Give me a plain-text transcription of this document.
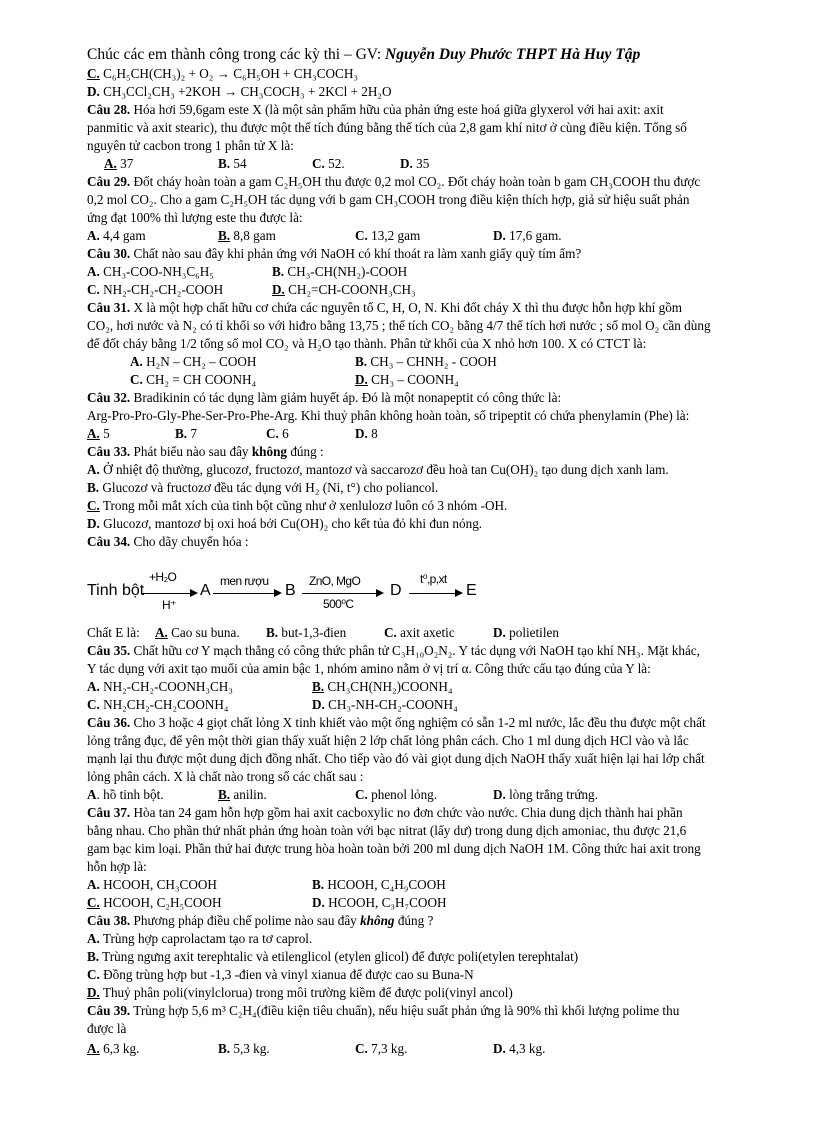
Chúc các em thành công trong các kỳ thi – GV: Nguyễn Duy Phước THPT Hà Huy Tập
C. C₆H₅CH(CH₃)₂ + O₂ → C₆H₅OH + CH₃COCH₃
D. CH₃CCl₂CH₃ +2KOH → CH₃COCH₃ + 2KCl + 2H₂O
Câu 28. Hóa hơi 59,6gam este X (là một sản phẩm hữu của phản ứng este hoá giữa glyxerol với hai axit: axit
panmitic và axit stearic), thu được một thể tích đúng bằng thể tích của 2,8 gam khí nitơ ở cùng điều kiện. Tổng số
nguyên tử cacbon trong 1 phân tử X là:
A. 37	B. 54	C. 52.	D. 35
Câu 29. Đốt cháy hoàn toàn a gam C₂H₅OH thu được 0,2 mol CO₂. Đốt cháy hoàn toàn b gam CH₃COOH thu được
0,2 mol CO₂. Cho a gam C₂H₅OH tác dụng với b gam CH₃COOH trong điều kiện thích hợp, giả sử hiệu suất phản
ứng đạt 100% thì lượng este thu được là:
A. 4,4 gam	B. 8,8 gam	C. 13,2 gam	D. 17,6 gam.
Câu 30. Chất nào sau đây khi phản ứng với NaOH có khí thoát ra làm xanh giấy quỳ tím ẩm?
A. CH₃-COO-NH₃C₆H₅	B. CH₃-CH(NH₂)-COOH
C. NH₂-CH₂-CH₂-COOH	D. CH₂=CH-COONH₃CH₃
Câu 31. X là một hợp chất hữu cơ chứa các nguyên tố C, H, O, N. Khi đốt cháy X thì thu được hỗn hợp khí gồm
CO₂, hơi nước và N₂ có tỉ khối so với hiđro bằng 13,75 ; thể tích CO₂ bằng 4/7 thể tích hơi nước ; số mol O₂ cần dùng
để đốt cháy bằng 1/2 tổng số mol CO₂ và H₂O tạo thành. Phân tử khối của X nhỏ hơn 100. X có CTCT là:
A. H₂N – CH₂ – COOH	B. CH₃ – CHNH₂ - COOH
C. CH₂ = CH COONH₄	D. CH₃ – COONH₄
Câu 32. Bradikinin có tác dụng làm giảm huyết áp. Đó là một nonapeptit có công thức là:
Arg-Pro-Pro-Gly-Phe-Ser-Pro-Phe-Arg. Khi thuỷ phân không hoàn toàn, số tripeptit có chứa phenylamin (Phe) là:
A. 5	B. 7	C. 6	D. 8
Câu 33. Phát biểu nào sau đây không đúng :
A. Ở nhiệt độ thường, glucozơ, fructozơ, mantozơ và saccarozơ đều hoà tan Cu(OH)₂ tạo dung dịch xanh lam.
B. Glucozơ và fructozơ đều tác dụng với H₂ (Ni, t°) cho poliancol.
C. Trong mỗi mắt xích của tinh bột cũng như ở xenlulozơ luôn có 3 nhóm -OH.
D. Glucozơ, mantozơ bị oxi hoá bởi Cu(OH)₂ cho kết tủa đỏ khi đun nóng.
Câu 34. Cho dãy chuyển hóa :
Tinh bột
+H₂O
H⁺
A
men rượu
B
ZnO, MgO
500⁰C
D
t⁰,p,xt
E
Chất E là: A. Cao su buna. B. but-1,3-đien	C. axit axetic	D. polietilen
Câu 35. Chất hữu cơ Y mạch thẳng có công thức phân tử C₃H₁₀O₂N₂. Y tác dụng với NaOH tạo khí NH₃. Mặt khác,
Y tác dụng với axit tạo muối của amin bậc 1, nhóm amino nằm ở vị trí α. Công thức cấu tạo đúng của Y là:
A. NH₂-CH₂-COONH₃CH₃	B. CH₃CH(NH₂)COONH₄
C. NH₂CH₂-CH₂COONH₄	D. CH₃-NH-CH₂-COONH₄
Câu 36. Cho 3 hoặc 4 giọt chất lỏng X tinh khiết vào một ống nghiệm có sẵn 1-2 ml nước, lắc đều thu được một chất
lỏng trắng đục, để yên một thời gian thấy xuất hiện 2 lớp chất lỏng phân cách. Cho 1 ml dung dịch HCl vào và lắc
mạnh lại thu được một dung dịch đồng nhất. Cho tiếp vào đó vài giọt dung dịch NaOH thấy xuất hiện lại hai lớp chất
lỏng phân cách. X là chất nào trong số các chất sau :
A. hồ tinh bột.	B. anilin.	C. phenol lỏng.	D. lòng trắng trứng.
Câu 37. Hòa tan 24 gam hỗn hợp gồm hai axit cacboxylic no đơn chức vào nước. Chia dung dịch thành hai phần
bằng nhau. Cho phần thứ nhất phản ứng hoàn toàn với bạc nitrat (lấy dư) trong dung dịch amoniac, thu được 21,6
gam bạc kim loại. Phần thứ hai được trung hòa hoàn toàn bởi 200 ml dung dịch NaOH 1M. Công thức hai axit trong
hỗn hợp là:
A. HCOOH, CH₃COOH	B. HCOOH, C₄H₉COOH
C. HCOOH, C₂H₅COOH	D. HCOOH, C₃H₇COOH
Câu 38. Phương pháp điều chế polime nào sau đây không đúng ?
A. Trùng hợp caprolactam tạo ra tơ caprol.
B. Trùng ngưng axit terephtalic và etilenglicol (etylen glicol) để được poli(etylen terephtalat)
C. Đồng trùng hợp but -1,3 -đien và vinyl xianua để được cao su Buna-N
D. Thuỷ phân poli(vinylclorua) trong môi trường kiềm để được poli(vinyl ancol)
Câu 39. Trùng hợp 5,6 m³ C₂H₄(điều kiện tiêu chuẩn), nếu hiệu suất phản ứng là 90% thì khối lượng polime thu
được là
A. 6,3 kg.	B. 5,3 kg.	C. 7,3 kg.	D. 4,3 kg.
